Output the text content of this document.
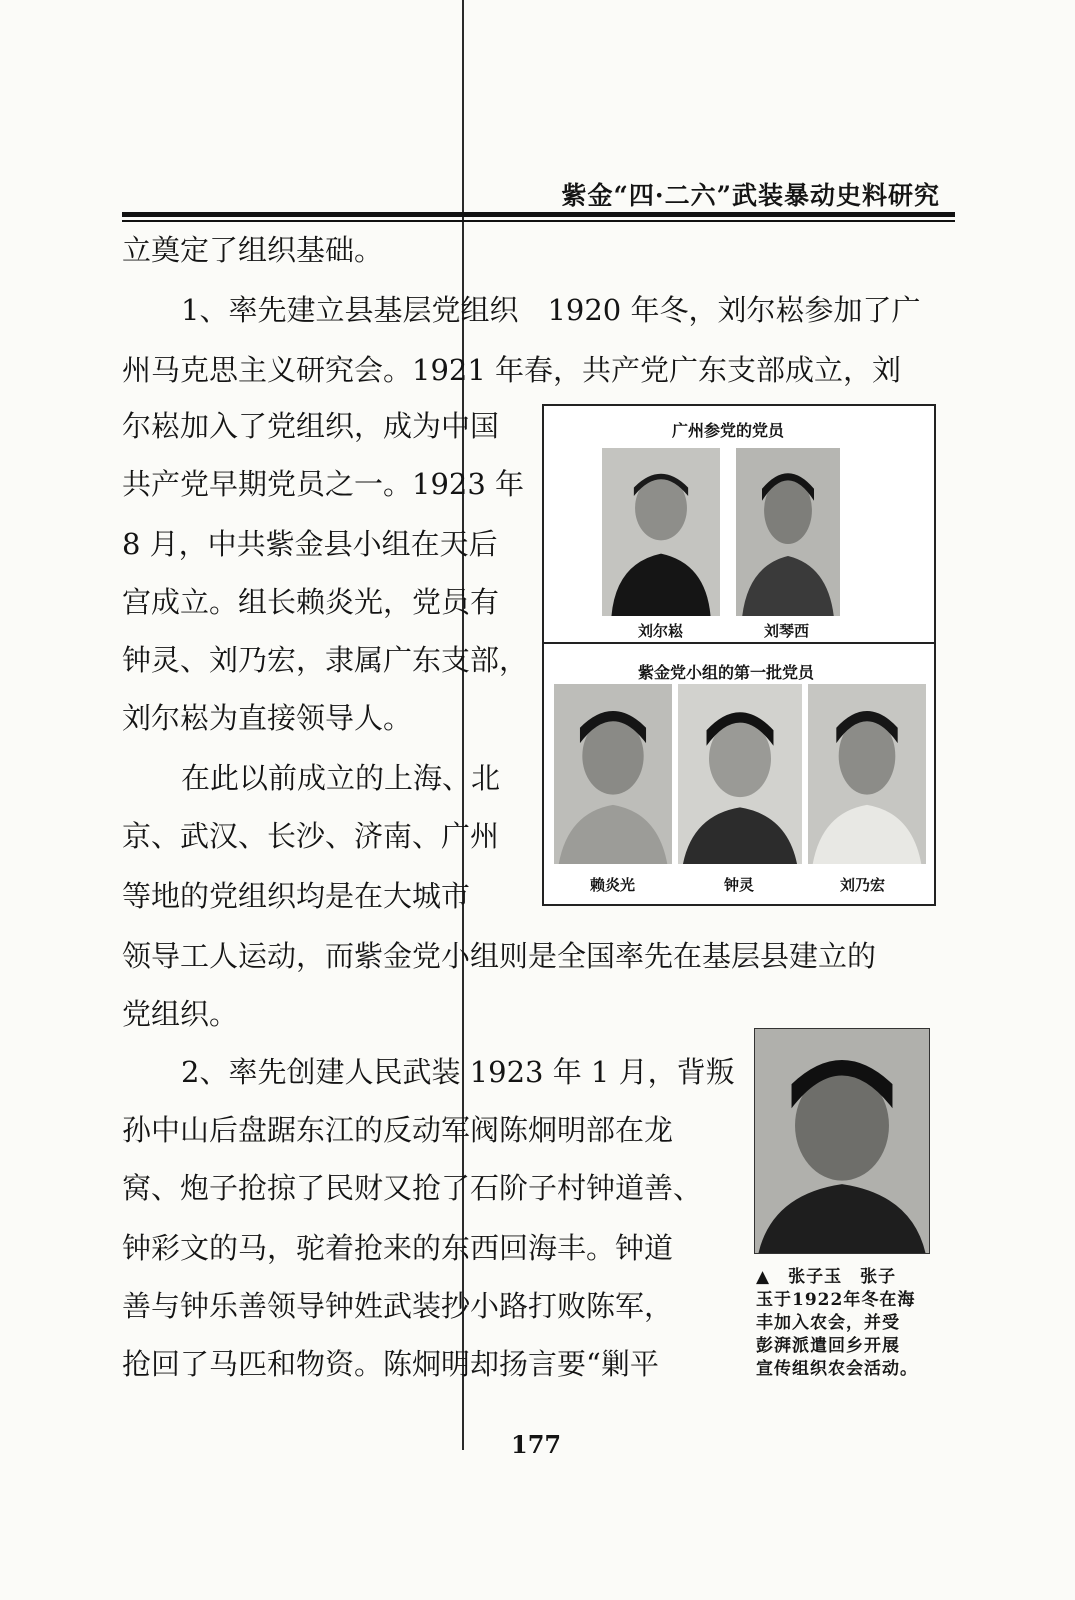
紫金“四·二六”武装暴动史料研究
立奠定了组织基础。
1、率先建立县基层党组织　1920 年冬，刘尔崧参加了广
州马克思主义研究会。1921 年春，共产党广东支部成立，刘
尔崧加入了党组织，成为中国
共产党早期党员之一。1923 年
8 月，中共紫金县小组在天后
宫成立。组长赖炎光，党员有
钟灵、刘乃宏，隶属广东支部，
刘尔崧为直接领导人。
在此以前成立的上海、北
京、武汉、长沙、济南、广州
等地的党组织均是在大城市
领导工人运动，而紫金党小组则是全国率先在基层县建立的
党组织。
2、率先创建人民武装 1923 年 1 月，背叛
孙中山后盘踞东江的反动军阀陈炯明部在龙
窝、炮子抢掠了民财又抢了石阶子村钟道善、
钟彩文的马，驼着抢来的东西回海丰。钟道
善与钟乐善领导钟姓武装抄小路打败陈军，
抢回了马匹和物资。陈炯明却扬言要“剿平
广州参党的党员
刘尔崧	刘琴西
紫金党小组的第一批党员
赖炎光	钟灵	刘乃宏
▲　张子玉　张子
玉于1922年冬在海
丰加入农会，并受
彭湃派遣回乡开展
宣传组织农会活动。
177
